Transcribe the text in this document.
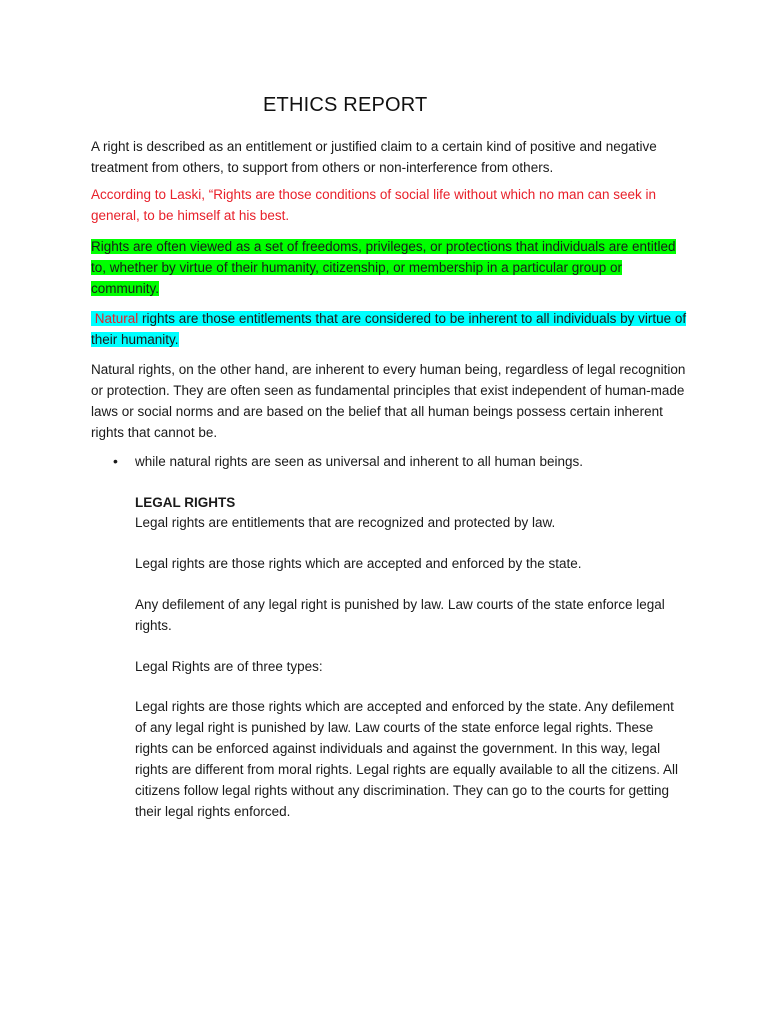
ETHICS REPORT

A right is described as an entitlement or justified claim to a certain kind of positive and negative treatment from others, to support from others or non-interference from others.

According to Laski, “Rights are those conditions of social life without which no man can seek in general, to be himself at his best.

Rights are often viewed as a set of freedoms, privileges, or protections that individuals are entitled to, whether by virtue of their humanity, citizenship, or membership in a particular group or community.

Natural rights are those entitlements that are considered to be inherent to all individuals by virtue of their humanity.

Natural rights, on the other hand, are inherent to every human being, regardless of legal recognition or protection. They are often seen as fundamental principles that exist independent of human-made laws or social norms and are based on the belief that all human beings possess certain inherent rights that cannot be.

• while natural rights are seen as universal and inherent to all human beings.

LEGAL RIGHTS

Legal rights are entitlements that are recognized and protected by law.

Legal rights are those rights which are accepted and enforced by the state.

Any defilement of any legal right is punished by law. Law courts of the state enforce legal rights.

Legal Rights are of three types:

Legal rights are those rights which are accepted and enforced by the state. Any defilement of any legal right is punished by law. Law courts of the state enforce legal rights. These rights can be enforced against individuals and against the government. In this way, legal rights are different from moral rights. Legal rights are equally available to all the citizens. All citizens follow legal rights without any discrimination. They can go to the courts for getting their legal rights enforced.
